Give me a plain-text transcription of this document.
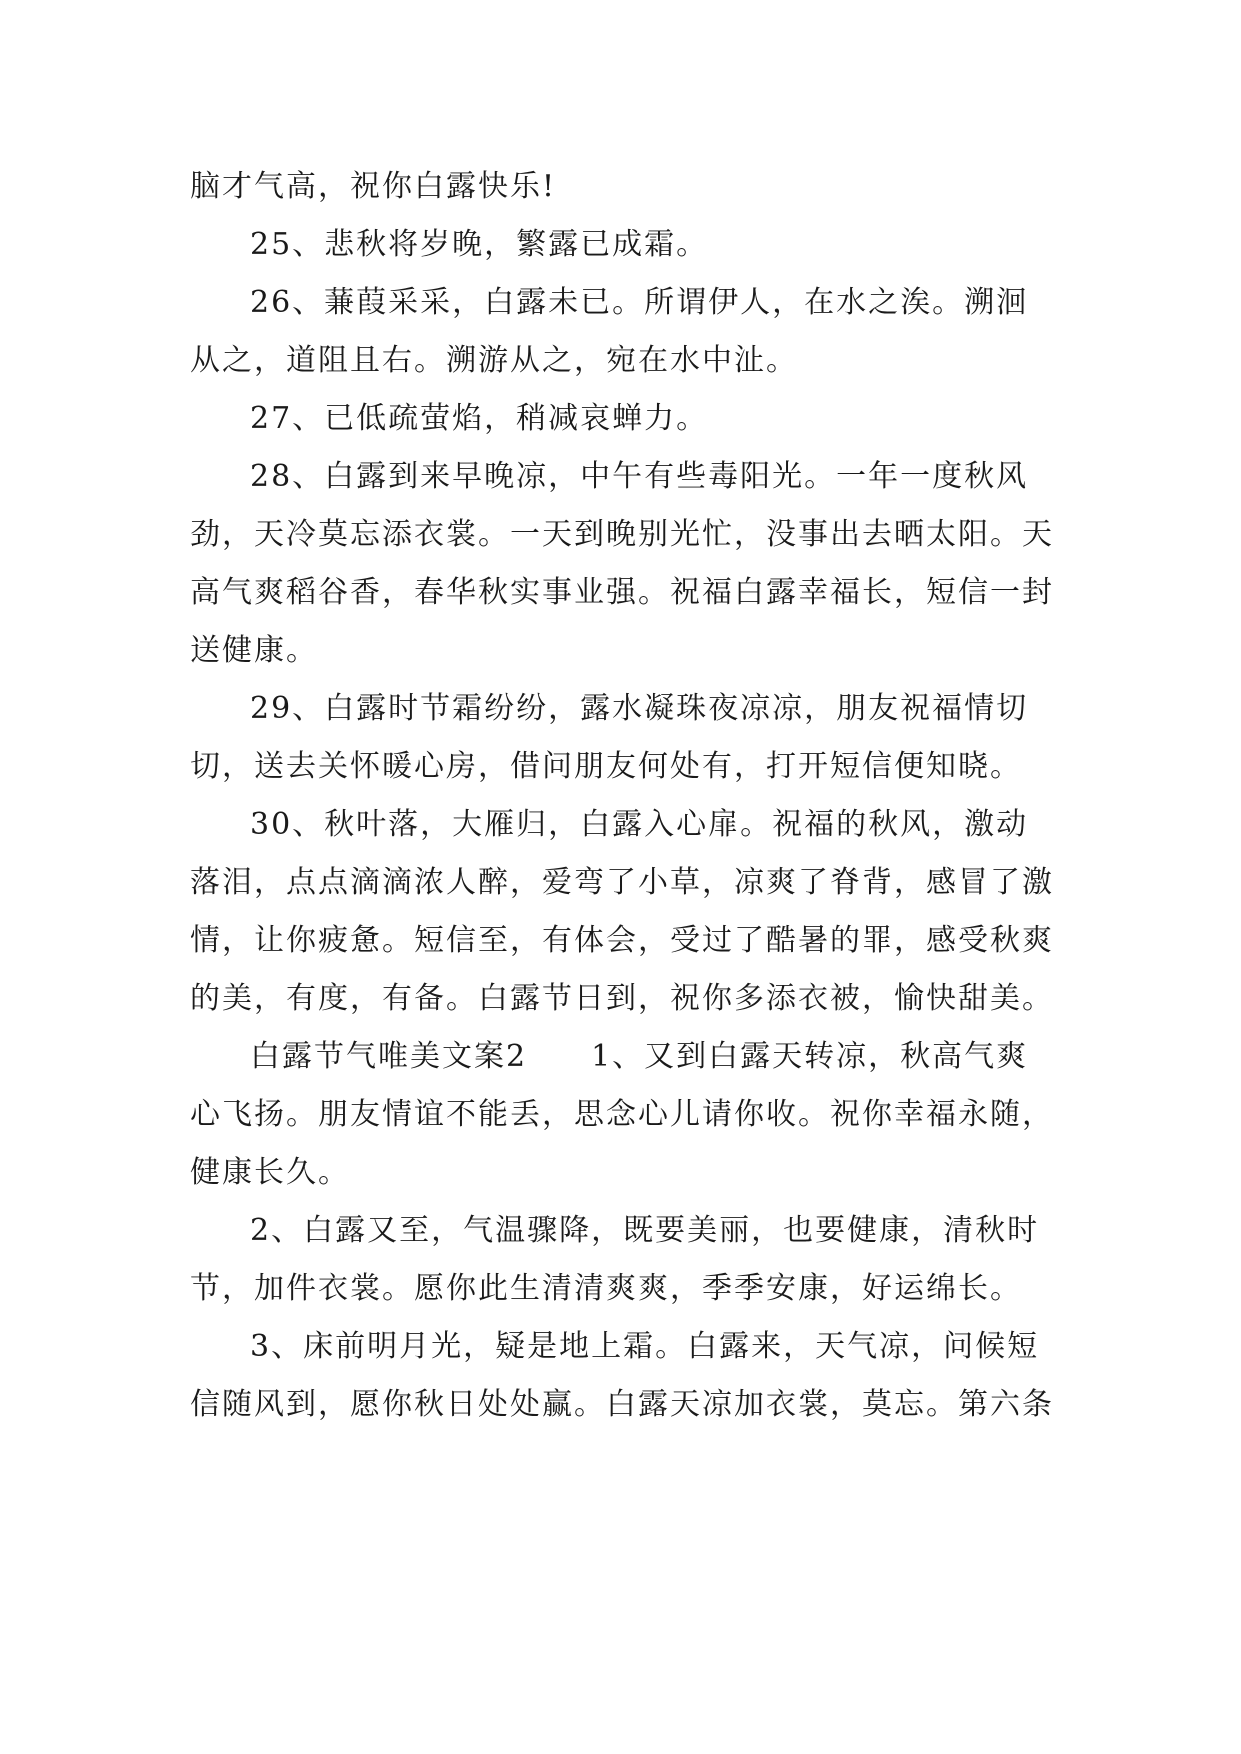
脑才气高，祝你白露快乐!

25、悲秋将岁晚，繁露已成霜。

26、蒹葭采采，白露未已。所谓伊人，在水之涘。溯洄从之，道阻且右。溯游从之，宛在水中沚。

27、已低疏萤焰，稍减哀蝉力。

28、白露到来早晚凉，中午有些毒阳光。一年一度秋风劲，天冷莫忘添衣裳。一天到晚别光忙，没事出去晒太阳。天高气爽稻谷香，春华秋实事业强。祝福白露幸福长，短信一封送健康。

29、白露时节霜纷纷，露水凝珠夜凉凉，朋友祝福情切切，送去关怀暖心房，借问朋友何处有，打开短信便知晓。

30、秋叶落，大雁归，白露入心扉。祝福的秋风，激动落泪，点点滴滴浓人醉，爱弯了小草，凉爽了脊背，感冒了激情，让你疲惫。短信至，有体会，受过了酷暑的罪，感受秋爽的美，有度，有备。白露节日到，祝你多添衣被，愉快甜美。

白露节气唯美文案2　　1、又到白露天转凉，秋高气爽心飞扬。朋友情谊不能丢，思念心儿请你收。祝你幸福永随，健康长久。

2、白露又至，气温骤降，既要美丽，也要健康，清秋时节，加件衣裳。愿你此生清清爽爽，季季安康，好运绵长。

3、床前明月光，疑是地上霜。白露来，天气凉，问候短信随风到，愿你秋日处处赢。白露天凉加衣裳，莫忘。第六条
